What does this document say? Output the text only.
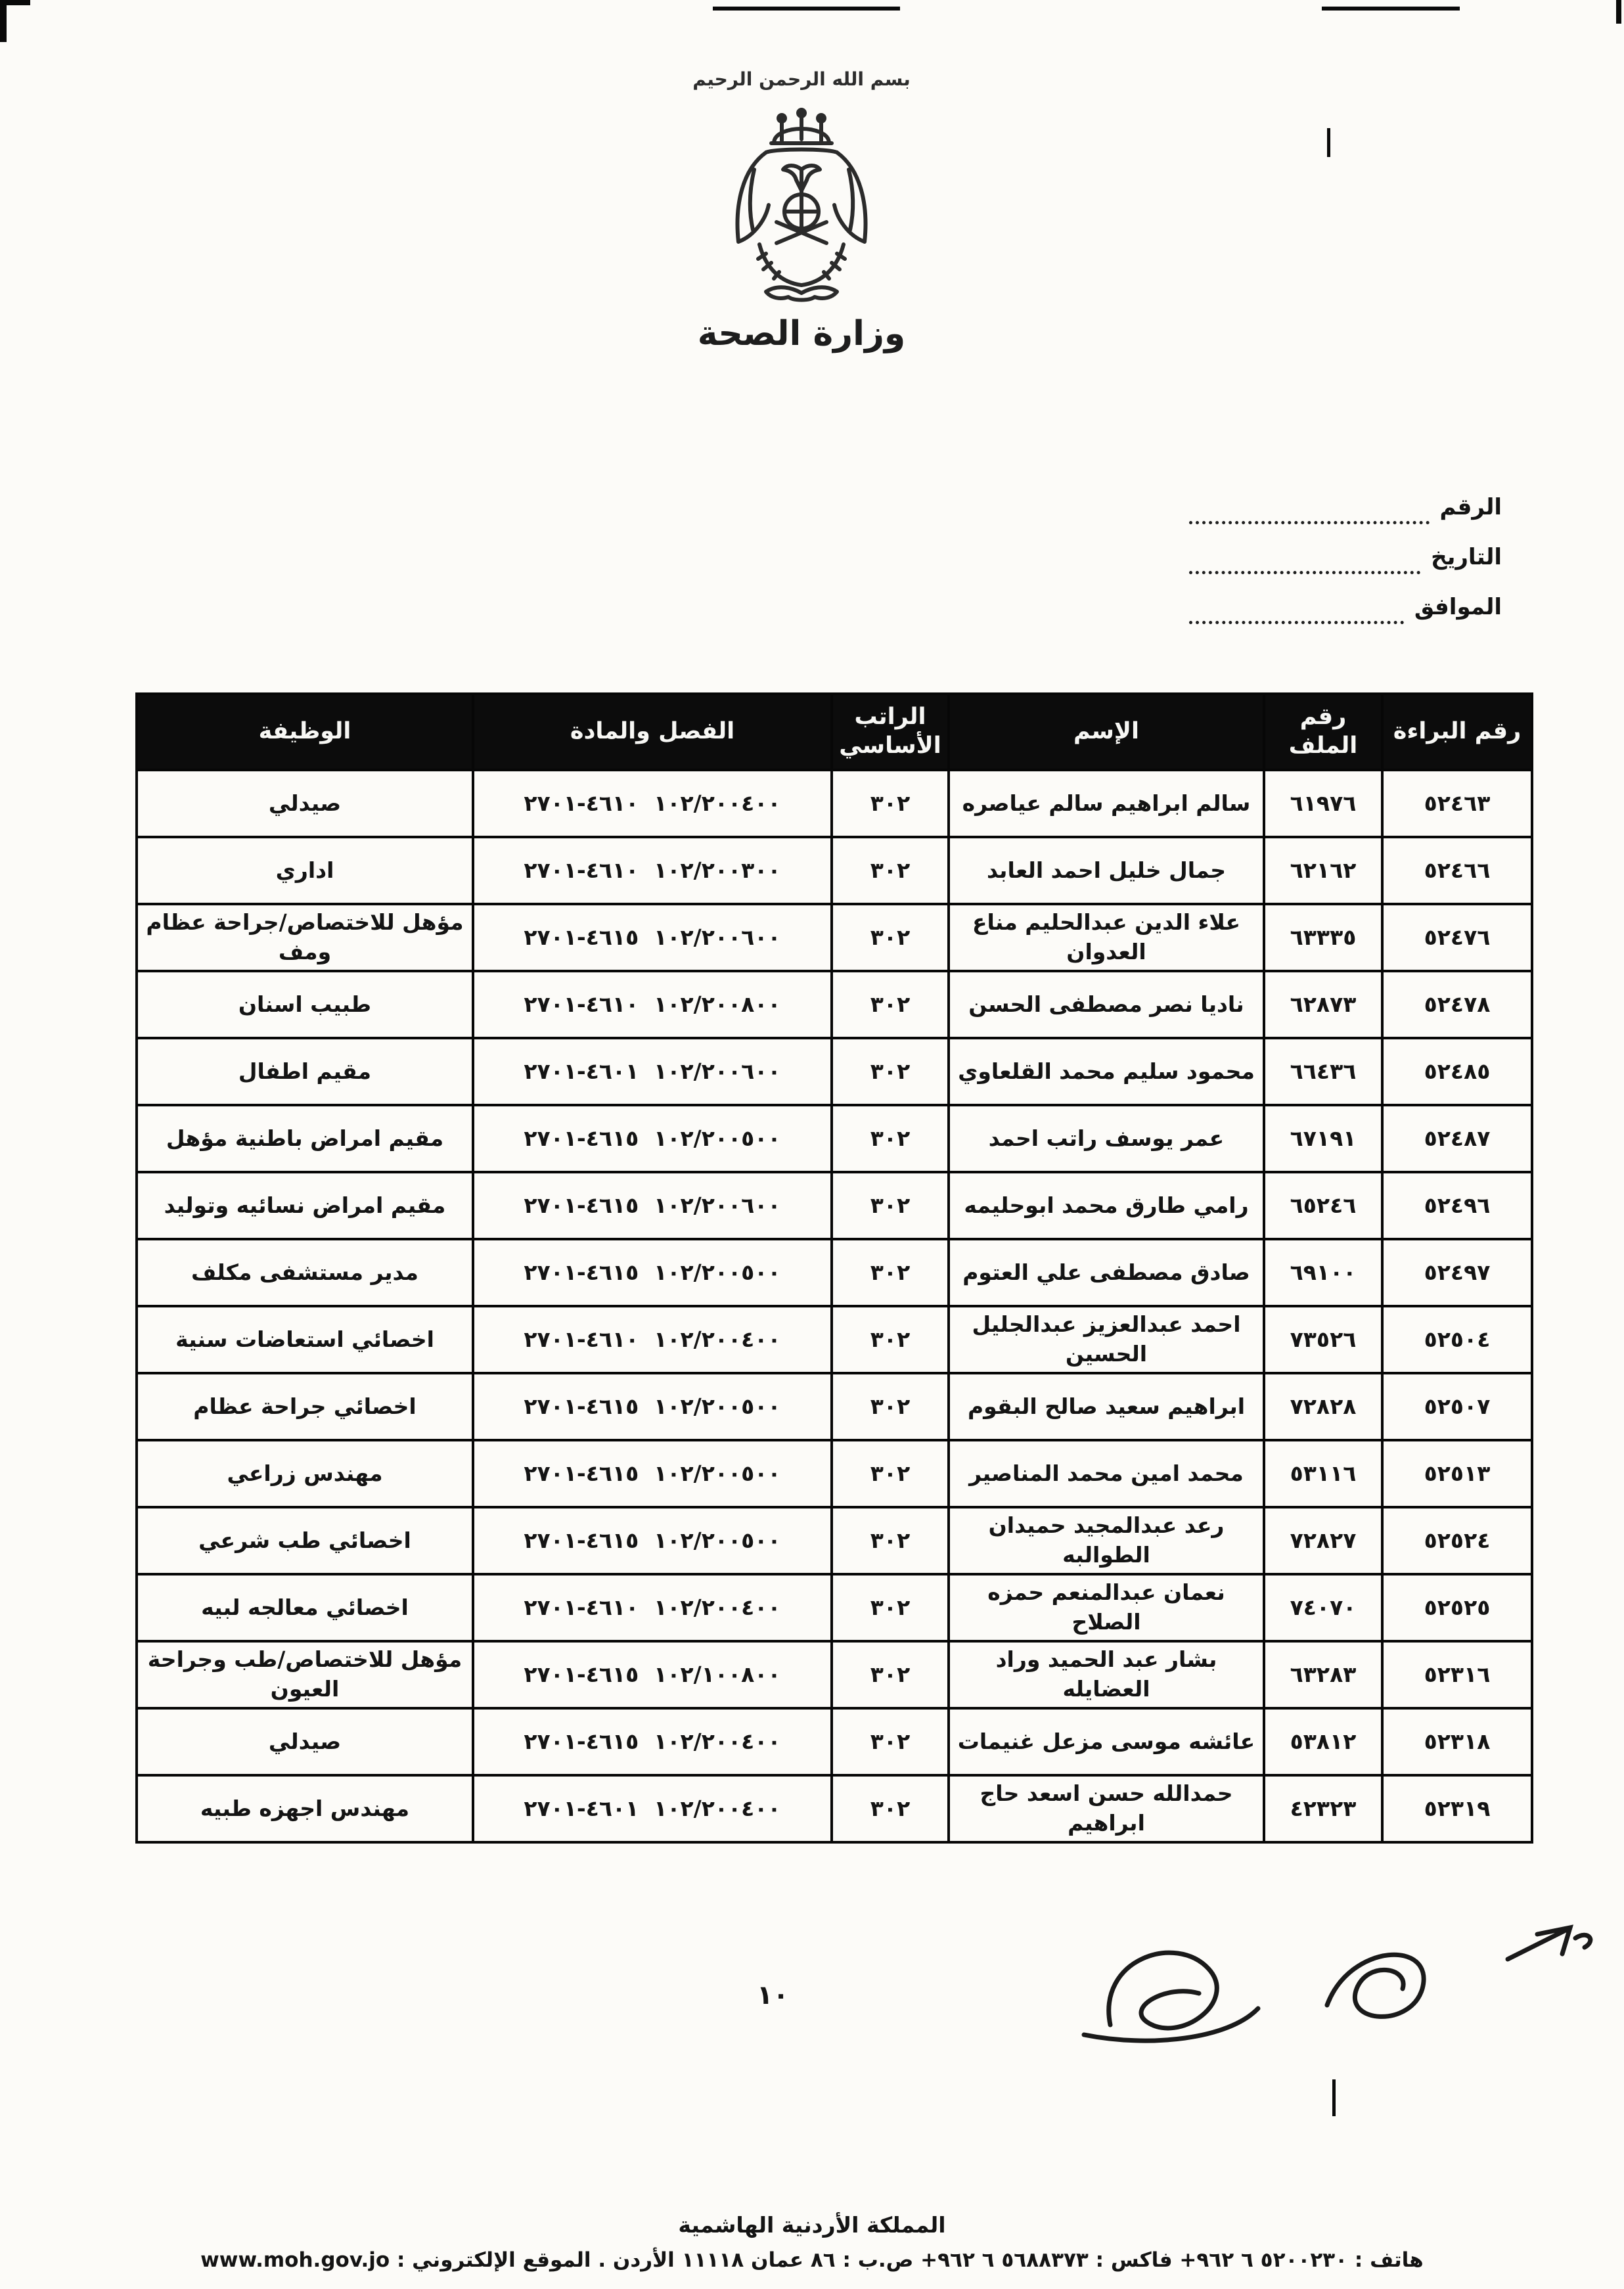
بسم الله الرحمن الرحيم
وزارة الصحة
الرقم
التاريخ
الموافق
رقم البراءة	رقم الملف	الإسم	الراتب الأساسي	الفصل والمادة	الوظيفة
٥٢٤٦٣	٦١٩٧٦	سالم ابراهيم سالم عياصره	٣٠٢	١٠٢/٢٠٠٤٠٠  ٤٦١٠-٢٧٠١	صيدلي
٥٢٤٦٦	٦٢١٦٢	جمال خليل احمد العابد	٣٠٢	١٠٢/٢٠٠٣٠٠  ٤٦١٠-٢٧٠١	اداري
٥٢٤٧٦	٦٣٣٣٥	علاء الدين عبدالحليم مناع العدوان	٣٠٢	١٠٢/٢٠٠٦٠٠  ٤٦١٥-٢٧٠١	مؤهل للاختصاص/جراحة عظام ومف
٥٢٤٧٨	٦٢٨٧٣	ناديا نصر مصطفى الحسن	٣٠٢	١٠٢/٢٠٠٨٠٠  ٤٦١٠-٢٧٠١	طبيب اسنان
٥٢٤٨٥	٦٦٤٣٦	محمود سليم محمد القلعاوي	٣٠٢	١٠٢/٢٠٠٦٠٠  ٤٦٠١-٢٧٠١	مقيم اطفال
٥٢٤٨٧	٦٧١٩١	عمر يوسف راتب احمد	٣٠٢	١٠٢/٢٠٠٥٠٠  ٤٦١٥-٢٧٠١	مقيم امراض باطنية مؤهل
٥٢٤٩٦	٦٥٢٤٦	رامي طارق محمد ابوحليمه	٣٠٢	١٠٢/٢٠٠٦٠٠  ٤٦١٥-٢٧٠١	مقيم امراض نسائيه وتوليد
٥٢٤٩٧	٦٩١٠٠	صادق مصطفى علي العتوم	٣٠٢	١٠٢/٢٠٠٥٠٠  ٤٦١٥-٢٧٠١	مدير مستشفى مكلف
٥٢٥٠٤	٧٣٥٢٦	احمد عبدالعزيز عبدالجليل الحسين	٣٠٢	١٠٢/٢٠٠٤٠٠  ٤٦١٠-٢٧٠١	اخصائي استعاضات سنية
٥٢٥٠٧	٧٢٨٢٨	ابراهيم سعيد صالح البقوم	٣٠٢	١٠٢/٢٠٠٥٠٠  ٤٦١٥-٢٧٠١	اخصائي جراحة عظام
٥٢٥١٣	٥٣١١٦	محمد امين محمد المناصير	٣٠٢	١٠٢/٢٠٠٥٠٠  ٤٦١٥-٢٧٠١	مهندس زراعي
٥٢٥٢٤	٧٢٨٢٧	رعد عبدالمجيد حميدان الطوالبه	٣٠٢	١٠٢/٢٠٠٥٠٠  ٤٦١٥-٢٧٠١	اخصائي طب شرعي
٥٢٥٢٥	٧٤٠٧٠	نعمان عبدالمنعم حمزه الصلاح	٣٠٢	١٠٢/٢٠٠٤٠٠  ٤٦١٠-٢٧٠١	اخصائي معالجه لبيه
٥٢٣١٦	٦٣٢٨٣	بشار عبد الحميد وراد العضايله	٣٠٢	١٠٢/١٠٠٨٠٠  ٤٦١٥-٢٧٠١	مؤهل للاختصاص/طب وجراحة العيون
٥٢٣١٨	٥٣٨١٢	عائشه موسى مزعل غنيمات	٣٠٢	١٠٢/٢٠٠٤٠٠  ٤٦١٥-٢٧٠١	صيدلي
٥٢٣١٩	٤٢٣٢٣	حمدالله حسن اسعد حاج ابراهيم	٣٠٢	١٠٢/٢٠٠٤٠٠  ٤٦٠١-٢٧٠١	مهندس اجهزه طبيه
١٠
المملكة الأردنية الهاشمية
هاتف : ٥٢٠٠٢٣٠ ٦ ٩٦٢+ فاكس : ٥٦٨٨٣٧٣ ٦ ٩٦٢+ ص.ب : ٨٦ عمان ١١١١٨ الأردن . الموقع الإلكتروني : www.moh.gov.jo
